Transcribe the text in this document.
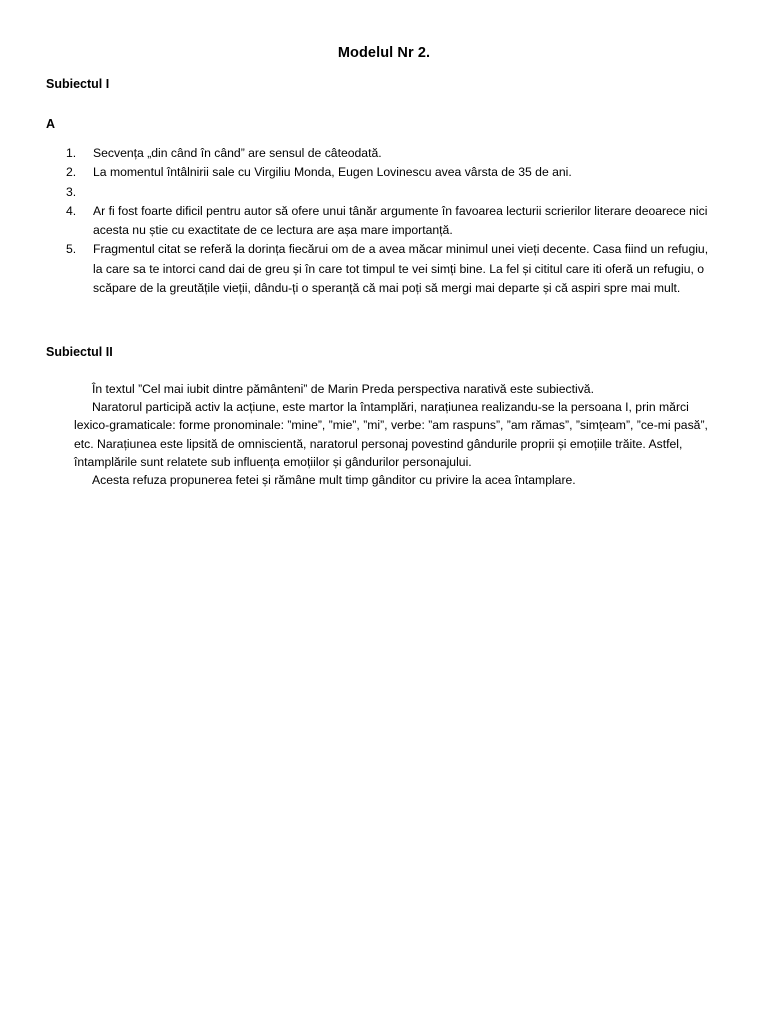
Modelul Nr 2.
Subiectul I
A
1.	Secvența „din când în când” are sensul de câteodată.
2.	La momentul întâlnirii sale cu Virgiliu Monda, Eugen Lovinescu avea vârsta de 35 de ani.
3.
4.	Ar fi fost foarte dificil pentru autor să ofere unui tânăr argumente în favoarea lecturii scrierilor literare deoarece nici acesta nu știe cu exactitate de ce lectura are așa mare importanță.
5.	Fragmentul citat se referă la dorința fiecărui om de a avea măcar minimul unei vieți decente. Casa fiind un refugiu, la care sa te intorci cand dai de greu și în care tot timpul te vei simți bine. La fel și cititul care iti oferă un refugiu, o scăpare de la greutățile vieții, dându-ți o speranță că mai poți să mergi mai departe și că aspiri spre mai mult.
Subiectul II

În textul ”Cel mai iubit dintre pământeni” de Marin Preda perspectiva narativă este subiectivă.

Naratorul participă activ la acțiune, este martor la întamplări, narațiunea realizandu-se la persoana I, prin mărci lexico-gramaticale: forme pronominale: ”mine”, ”mie”, ”mi”, verbe: ”am raspuns”, ”am rămas”, ”simțeam”, ”ce-mi pasă”, etc. Narațiunea este lipsită de omniscientă, naratorul personaj povestind gândurile proprii și emoțiile trăite. Astfel, întamplările sunt relatete sub influența emoțiilor și gândurilor personajului.

Acesta refuza propunerea fetei și rămâne mult timp gânditor cu privire la acea întamplare.
